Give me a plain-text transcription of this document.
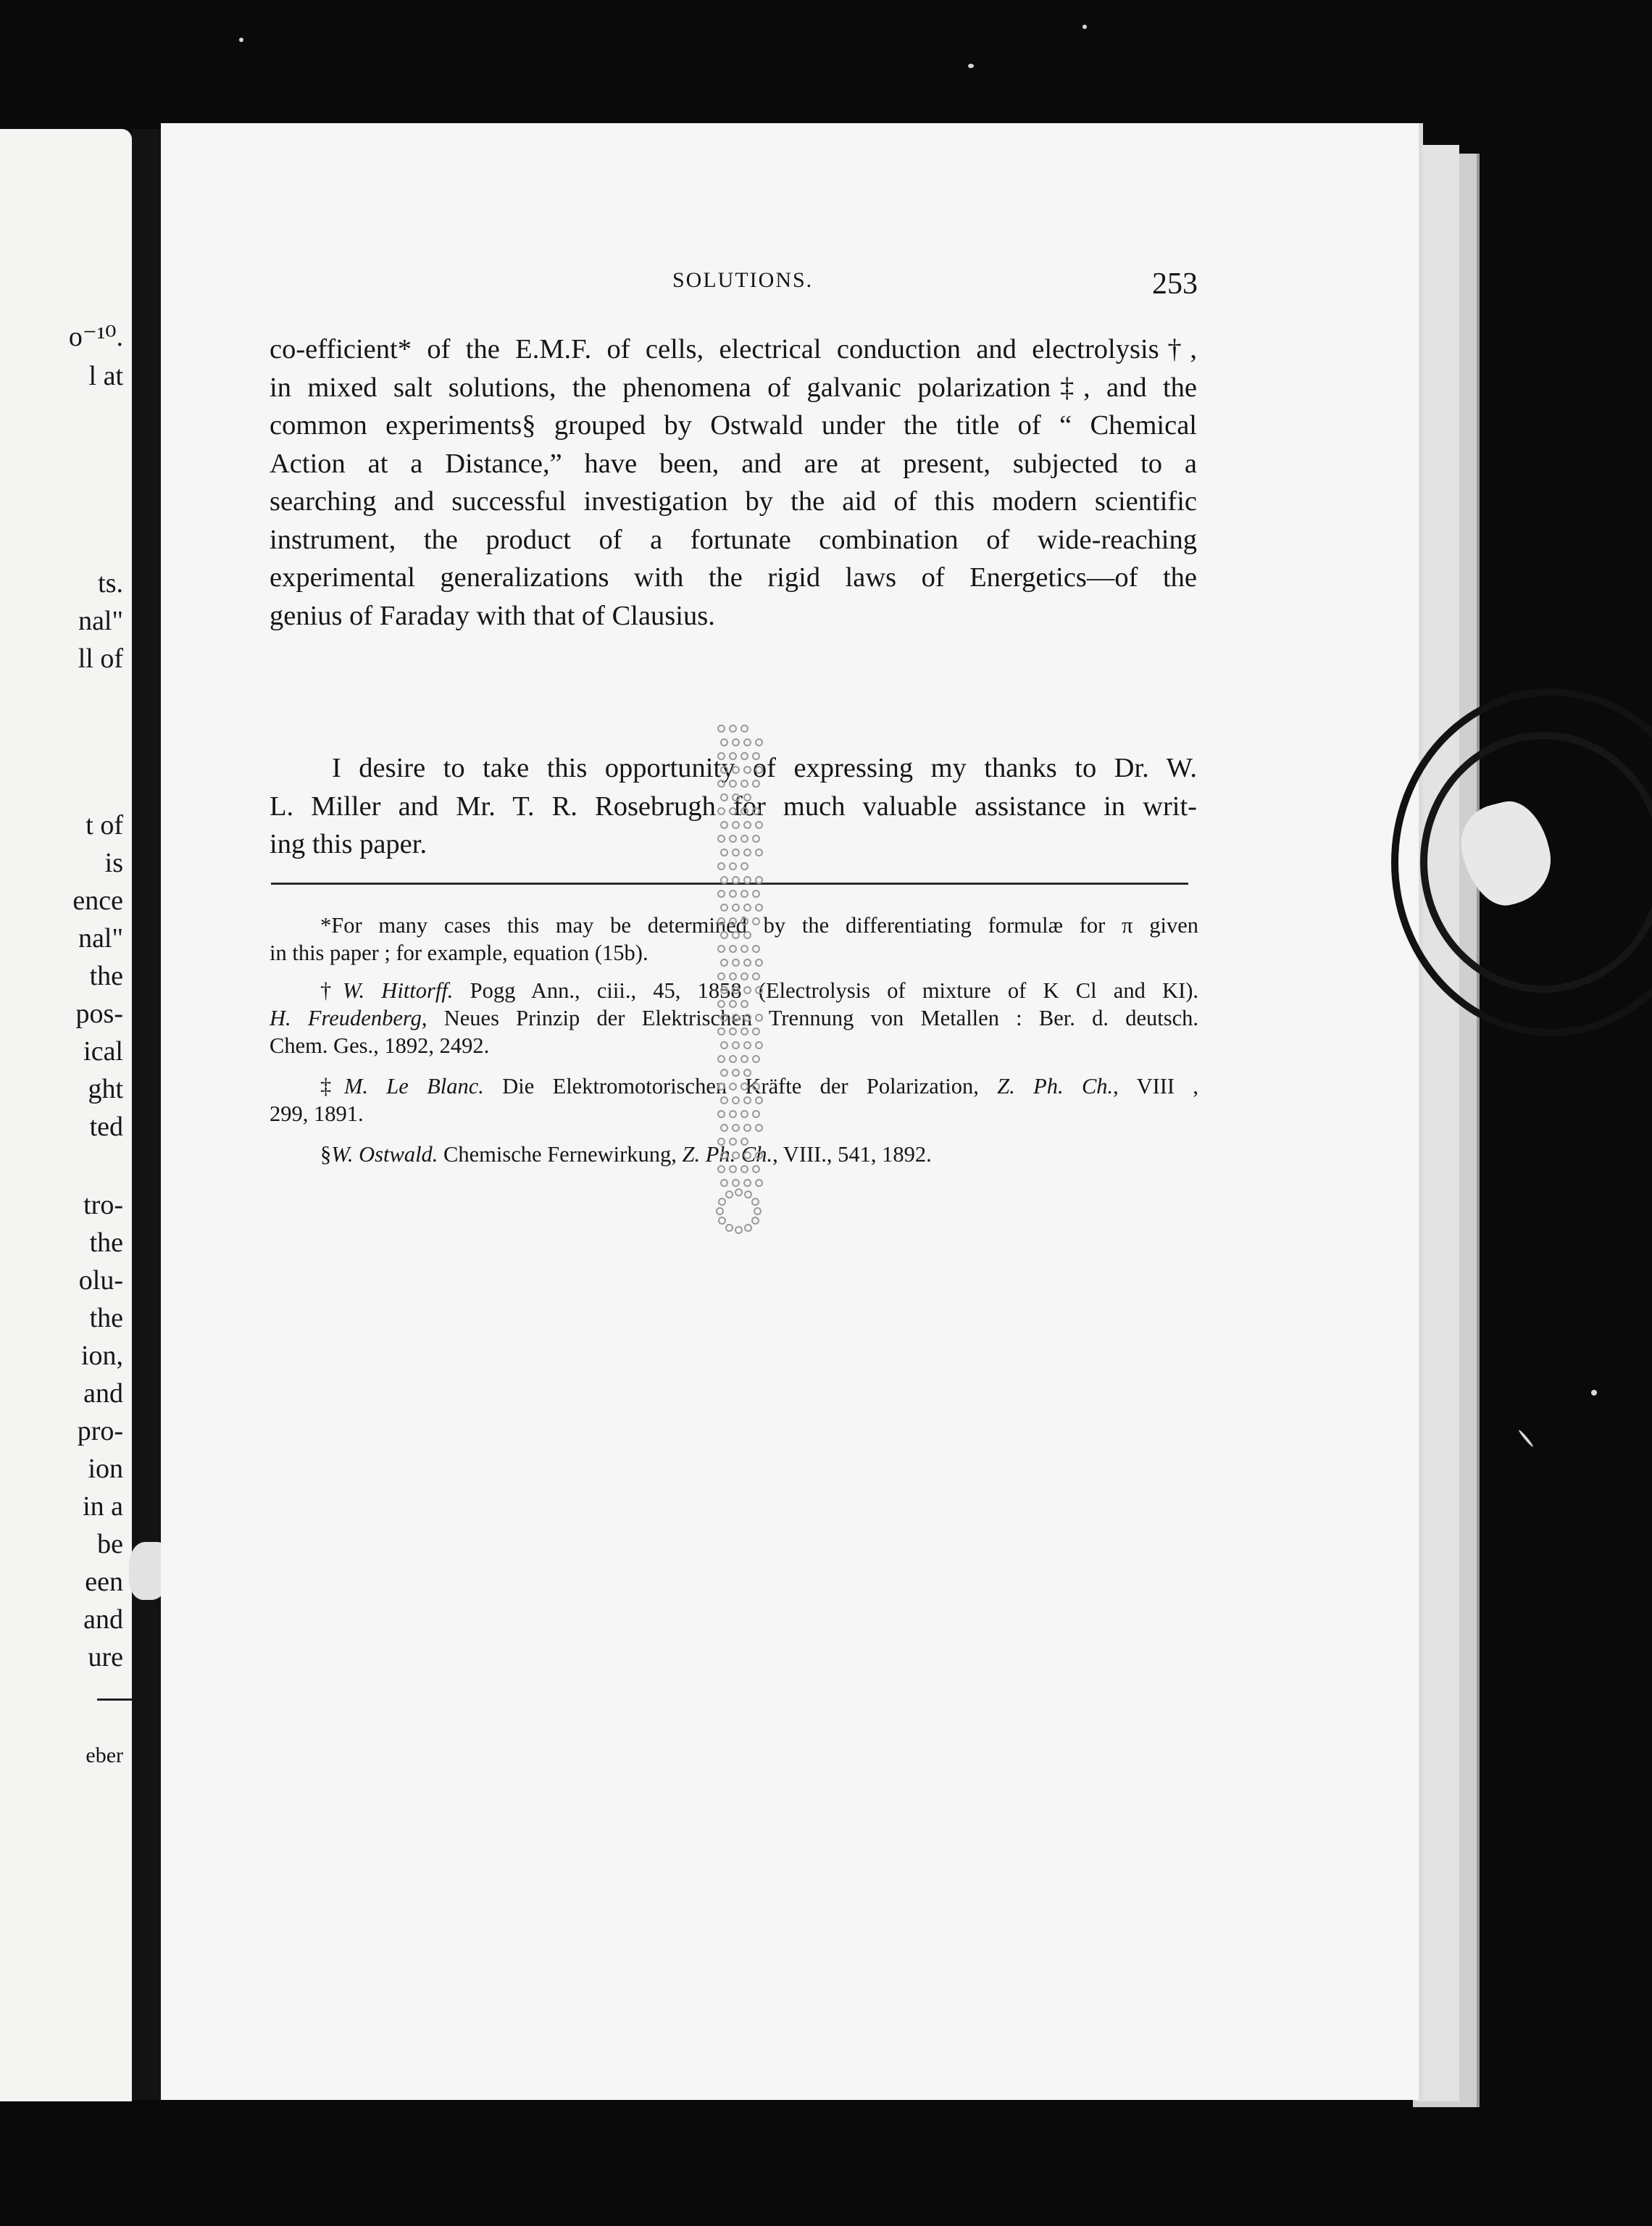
o⁻¹⁰.
l at
ts.
nal"
ll of
t of
is
ence
nal"
the
pos-
ical
ght
ted
tro-
the
olu-
the
ion,
and
pro-
ion
in a
be
een
and
ure
eber
SOLUTIONS.	253
co-efficient* of the E.M.F. of cells, electrical conduction and electrolysis†,
in mixed salt solutions, the phenomena of galvanic polarization‡, and the
common experiments§ grouped by Ostwald under the title of “ Chemical
Action at a Distance,” have been, and are at present, subjected to a
searching and successful investigation by the aid of this modern scientific
instrument, the product of a fortunate combination of wide-reaching
experimental generalizations with the rigid laws of Energetics—of the
genius of Faraday with that of Clausius.
I desire to take this opportunity of expressing my thanks to Dr. W.
L. Miller and Mr. T. R. Rosebrugh for much valuable assistance in writ-
ing this paper.
*For many cases this may be determined by the differentiating formulæ for π given
in this paper ; for example, equation (15b).
†W. Hittorff. Pogg Ann., ciii., 45, 1858 (Electrolysis of mixture of K Cl and KI).
H. Freudenberg, Neues Prinzip der Elektrischen Trennung von Metallen : Ber. d. deutsch.
Chem. Ges., 1892, 2492.
‡M. Le Blanc. Die Elektromotorischen Kräfte der Polarization, Z. Ph. Ch., VIII ,
299, 1891.
§W. Ostwald. Chemische Fernewirkung, Z. Ph. Ch., VIII., 541, 1892.
